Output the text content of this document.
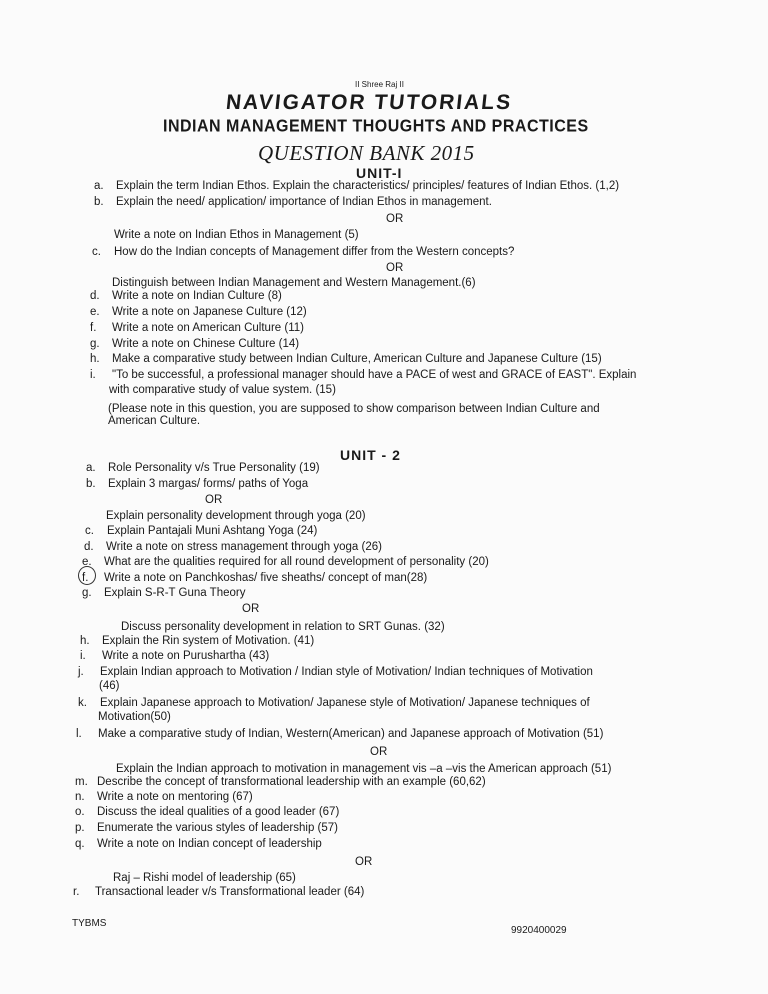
II Shree Raj II
NAVIGATOR TUTORIALS
INDIAN MANAGEMENT THOUGHTS AND PRACTICES
QUESTION BANK 2015
UNIT-I
a. Explain the term Indian Ethos. Explain the characteristics/ principles/ features of Indian Ethos. (1,2)
b. Explain the need/ application/ importance of Indian Ethos in management.
OR
Write a note on Indian Ethos in Management (5)
c. How do the Indian concepts of Management differ from the Western concepts?
OR
Distinguish between Indian Management and Western Management.(6)
d. Write a note on Indian Culture (8)
e. Write a note on Japanese Culture (12)
f. Write a note on American Culture (11)
g. Write a note on Chinese Culture (14)
h. Make a comparative study between Indian Culture, American Culture and Japanese Culture (15)
i. "To be successful, a professional manager should have a PACE of west and GRACE of EAST". Explain
with comparative study of value system. (15)
(Please note in this question, you are supposed to show comparison between Indian Culture and
American Culture.
UNIT - 2
a. Role Personality v/s True Personality (19)
b. Explain 3 margas/ forms/ paths of Yoga
OR
Explain personality development through yoga (20)
c. Explain Pantajali Muni Ashtang Yoga (24)
d. Write a note on stress management through yoga (26)
e. What are the qualities required for all round development of personality (20)
f. Write a note on Panchkoshas/ five sheaths/ concept of man(28)
g. Explain S-R-T Guna Theory
OR
Discuss personality development in relation to SRT Gunas. (32)
h. Explain the Rin system of Motivation. (41)
i. Write a note on Purushartha (43)
j. Explain Indian approach to Motivation / Indian style of Motivation/ Indian techniques of Motivation
(46)
k. Explain Japanese approach to Motivation/ Japanese style of Motivation/ Japanese techniques of
Motivation(50)
l. Make a comparative study of Indian, Western(American) and Japanese approach of Motivation (51)
OR
Explain the Indian approach to motivation in management vis –a –vis the American approach (51)
m. Describe the concept of transformational leadership with an example (60,62)
n. Write a note on mentoring (67)
o. Discuss the ideal qualities of a good leader (67)
p. Enumerate the various styles of leadership (57)
q. Write a note on Indian concept of leadership
OR
Raj – Rishi model of leadership (65)
r. Transactional leader v/s Transformational leader (64)
TYBMS
9920400029
